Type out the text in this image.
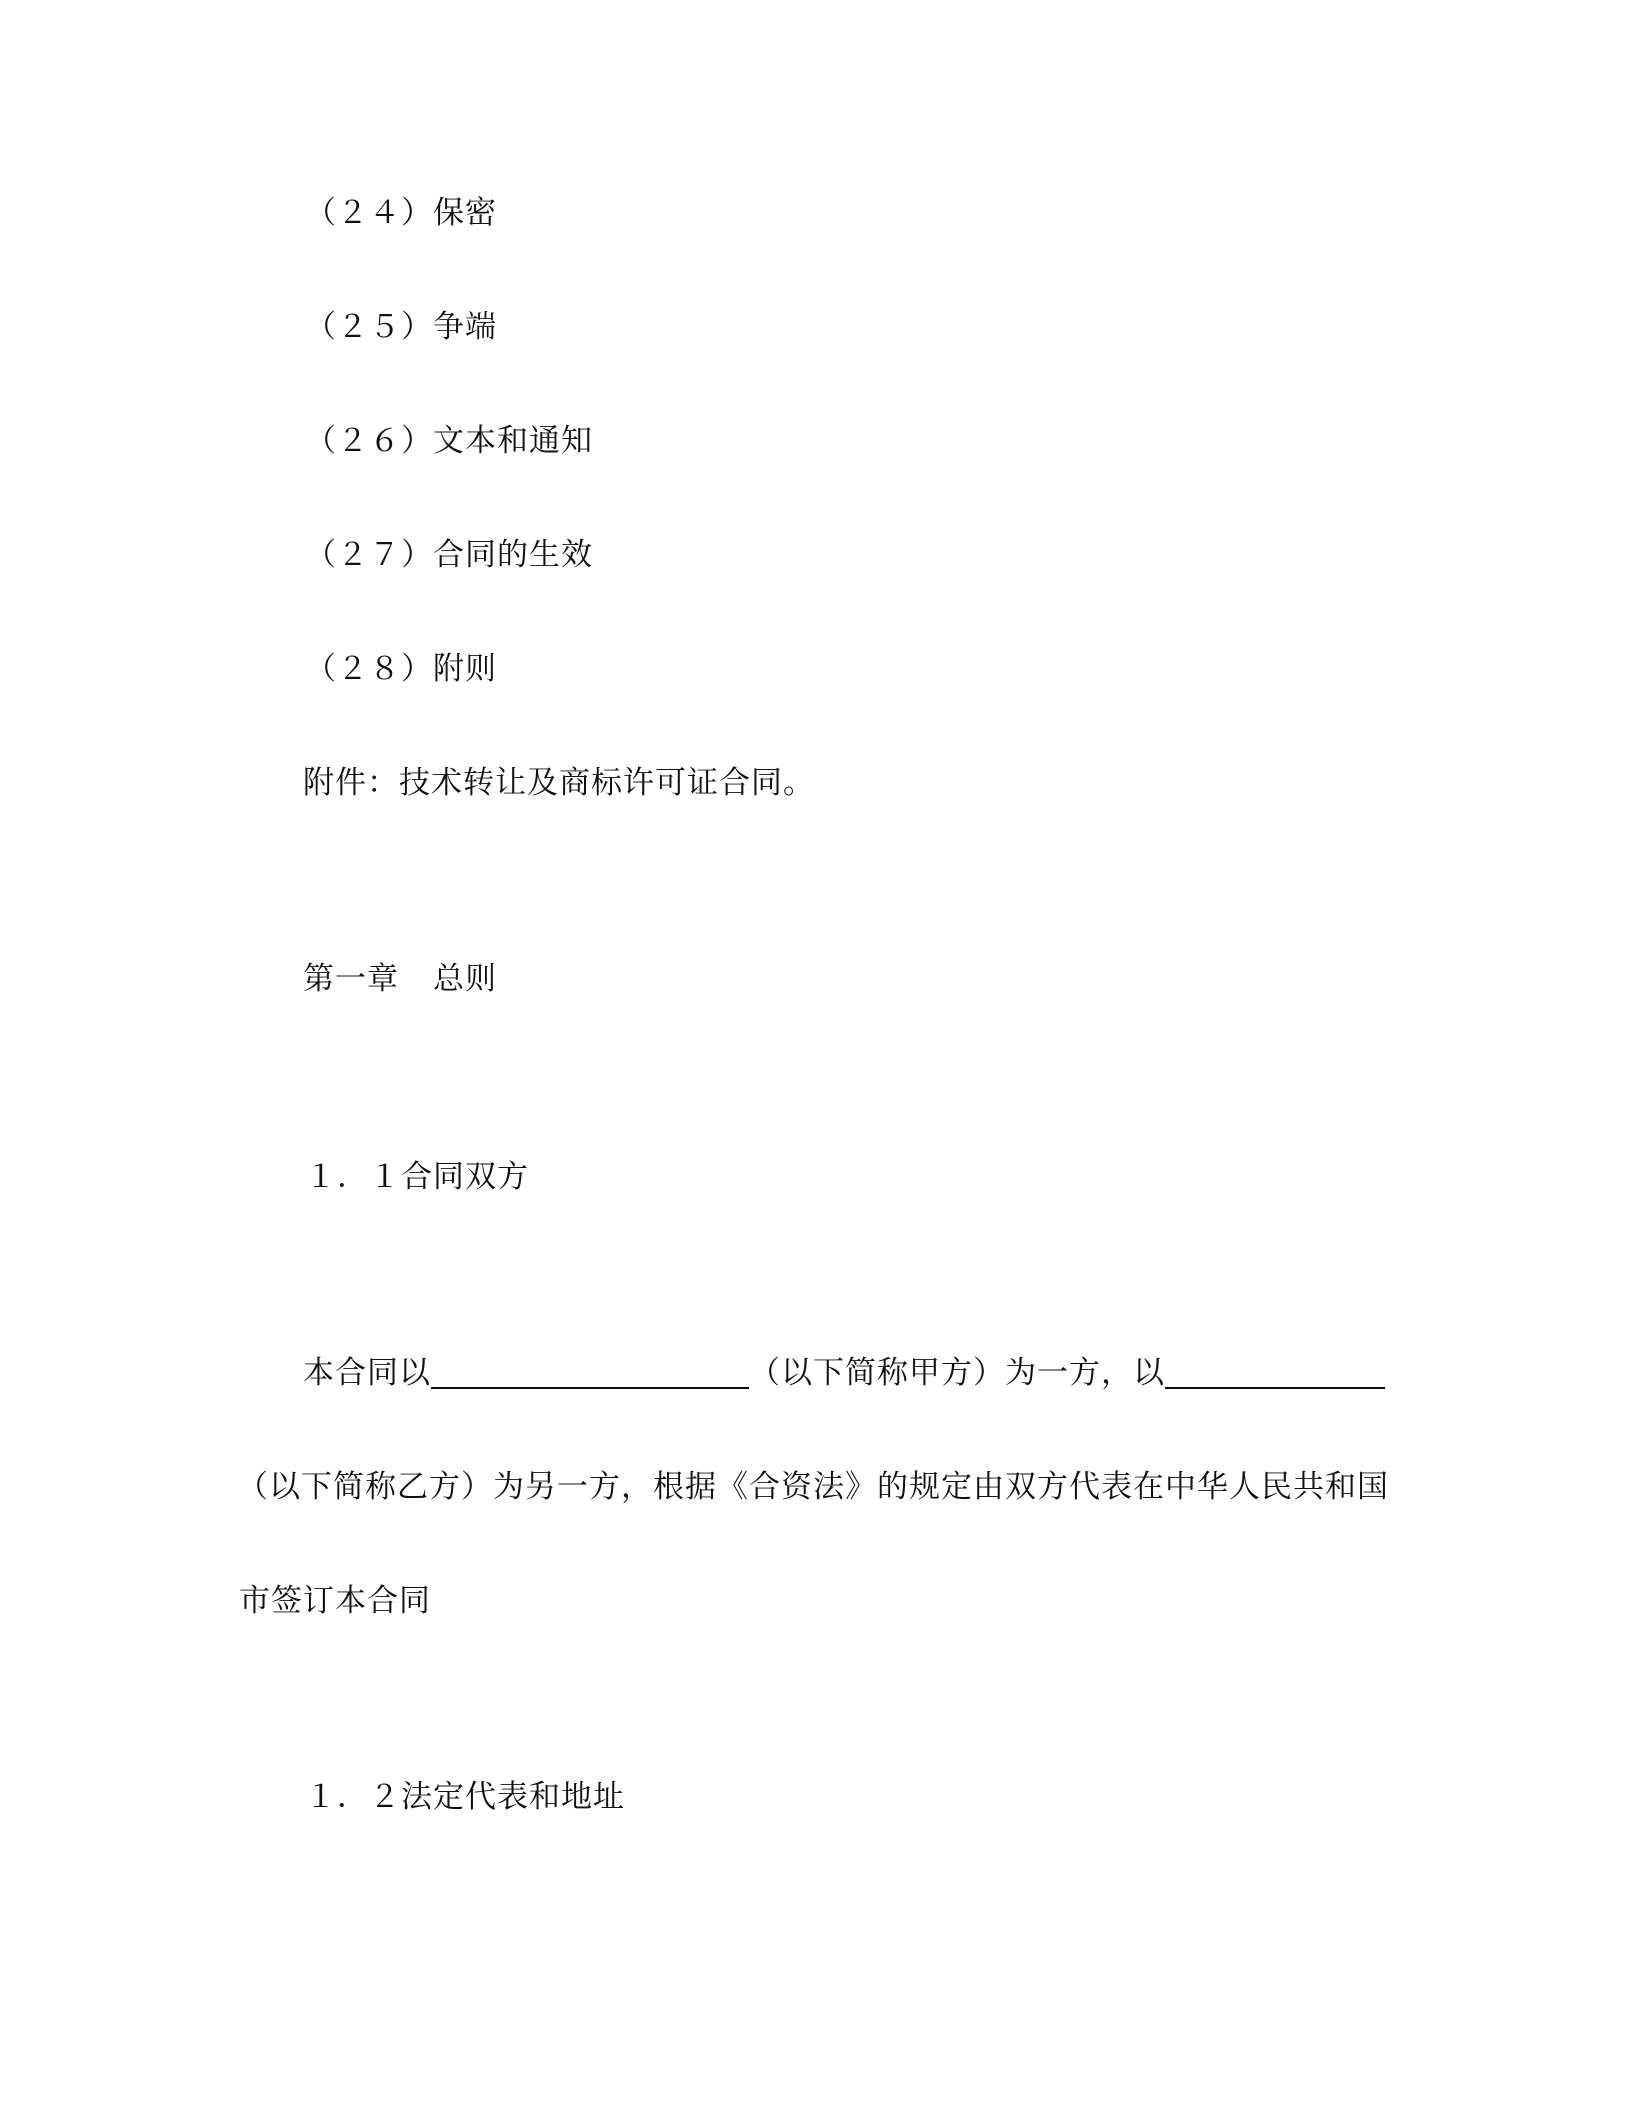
（２４）保密
（２５）争端
（２６）文本和通知
（２７）合同的生效
（２８）附则
附件：技术转让及商标许可证合同。
第一章 总则
１．１合同双方
本合同以	（以下简称甲方）为一方，以
（以下简称乙方）为另一方，根据《合资法》的规定由双方代表在中华人民共和国
市签订本合同
１．２法定代表和地址
